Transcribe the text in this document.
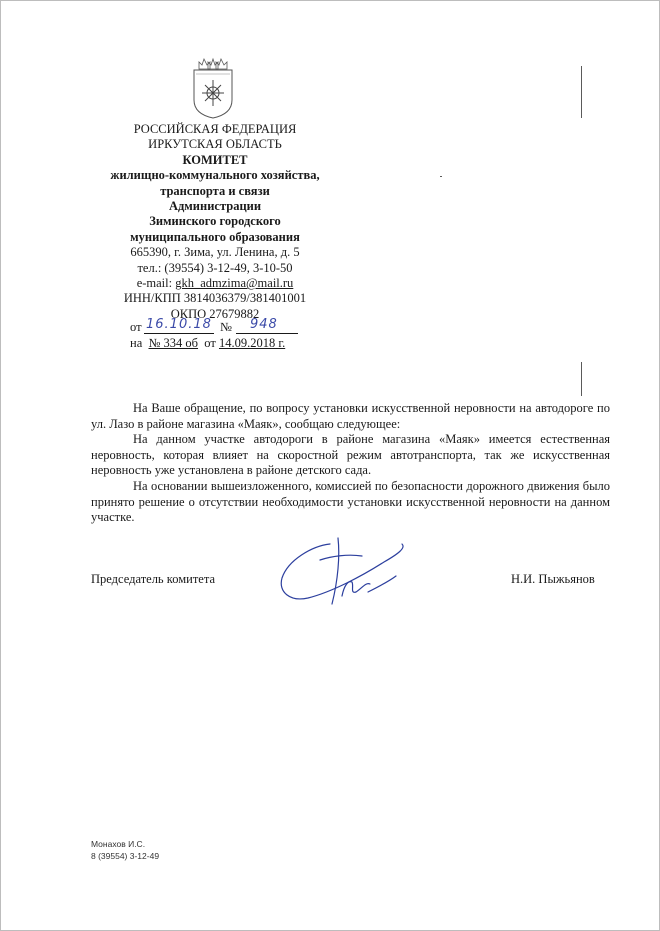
РОССИЙСКАЯ ФЕДЕРАЦИЯ
ИРКУТСКАЯ ОБЛАСТЬ
КОМИТЕТ
жилищно-коммунального хозяйства,
транспорта и связи
Администрации
Зиминского городского
муниципального образования
665390, г. Зима, ул. Ленина, д. 5
тел.: (39554) 3-12-49, 3-10-50
e-mail: gkh_admzima@mail.ru
ИНН/КПП 3814036379/381401001
ОКПО 27679882
от 16.10.18 № 948
на № 334 об от 14.09.2018 г.

На Ваше обращение, по вопросу установки искусственной неровности на автодороге по ул. Лазо в районе магазина «Маяк», сообщаю следующее:

На данном участке автодороги в районе магазина «Маяк» имеется естественная неровность, которая влияет на скоростной режим автотранспорта, так же искусственная неровность уже установлена в районе детского сада.

На основании вышеизложенного, комиссией по безопасности дорожного движения было принято решение о отсутствии необходимости установки искусственной неровности на данном участке.

Председатель комитета	Н.И. Пыжьянов
Монахов И.С.
8 (39554) 3-12-49
